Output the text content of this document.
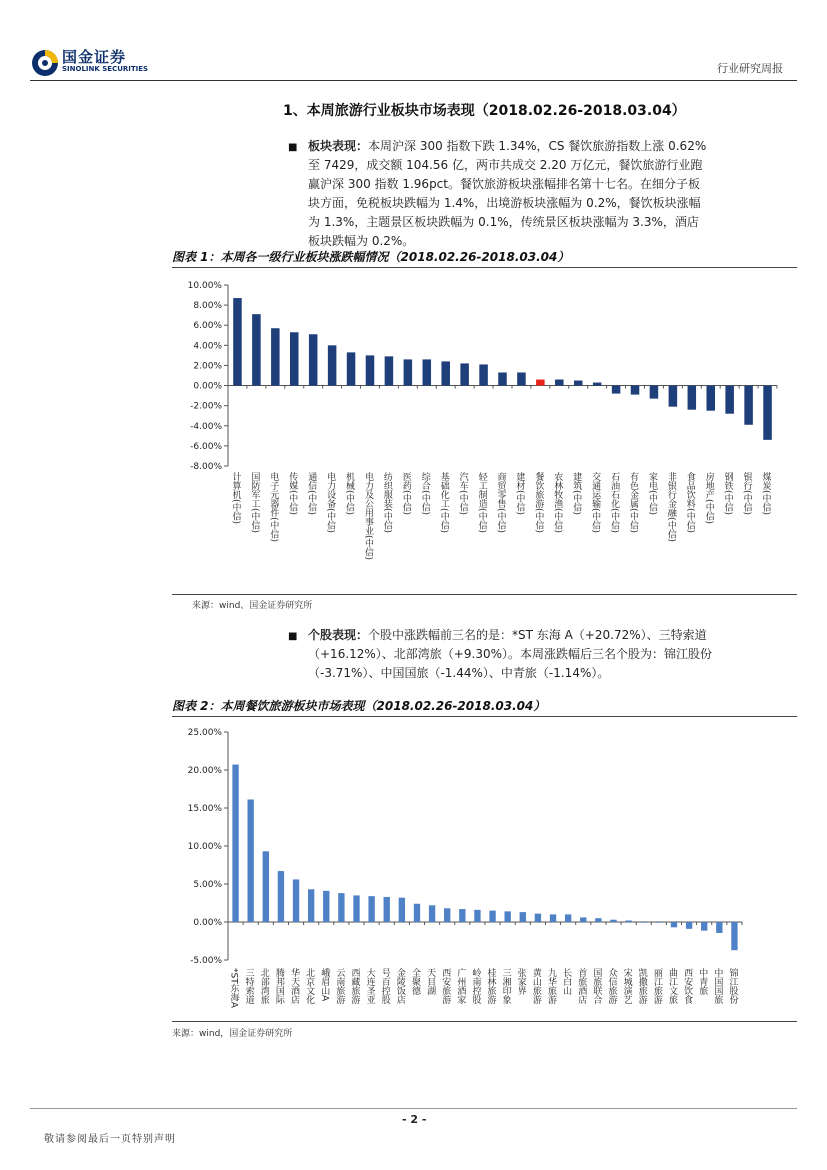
国金证券
SINOLINK SECURITIES	行业研究周报
1、本周旅游行业板块市场表现（2018.02.26-2018.03.04）
■ 板块表现：本周沪深 300 指数下跌 1.34%，CS 餐饮旅游指数上涨 0.62%
至 7429，成交额 104.56 亿，两市共成交 2.20 万亿元，餐饮旅游行业跑
赢沪深 300 指数 1.96pct。餐饮旅游板块涨幅排名第十七名。在细分子板
块方面，免税板块跌幅为 1.4%，出境游板块涨幅为 0.2%，餐饮板块涨幅
为 1.3%，主题景区板块跌幅为 0.1%，传统景区板块涨幅为 3.3%，酒店
板块跌幅为 0.2%。
图表 1：本周各一级行业板块涨跌幅情况（2018.02.26-2018.03.04）
10.00%
8.00%
6.00%
4.00%
2.00%
0.00%
-2.00%
-4.00%
-6.00%
-8.00%
计算机(中信) 国防军工(中信) 电子元器件(中信) 传媒(中信) 通信(中信) 电力设备(中信) 机械(中信) 电力及公用事业(中信) 纺织服装(中信) 医药(中信) 综合(中信) 基础化工(中信) 汽车(中信) 轻工制造(中信) 商贸零售(中信) 建材(中信) 餐饮旅游(中信) 农林牧渔(中信) 建筑(中信) 交通运输(中信) 石油石化(中信) 有色金属(中信) 家电(中信) 非银行金融(中信) 食品饮料(中信) 房地产(中信) 钢铁(中信) 银行(中信) 煤炭(中信)
来源：wind、国金证券研究所
■ 个股表现：个股中涨跌幅前三名的是：*ST 东海 A（+20.72%）、三特索道
（+16.12%）、北部湾旅（+9.30%）。本周涨跌幅后三名个股为：锦江股份
（-3.71%）、中国国旅（-1.44%）、中青旅（-1.14%）。
图表 2：本周餐饮旅游板块市场表现（2018.02.26-2018.03.04）
25.00%
20.00%
15.00%
10.00%
5.00%
0.00%
-5.00%
*ST东海A 三特索道 北部湾旅 腾邦国际 华天酒店 北京文化 峨眉山A 云南旅游 西藏旅游 大连圣亚 号百控股 金陵饭店 全聚德 天目湖 西安旅游 广州酒家 岭南控股 桂林旅游 三湘印象 张家界 黄山旅游 九华旅游 长白山 首旅酒店 国旅联合 众信旅游 宋城演艺 凯撒旅游 丽江旅游 曲江文旅 西安饮食 中青旅 中国国旅 锦江股份
来源：wind，国金证券研究所
- 2 -
敬请参阅最后一页特别声明
